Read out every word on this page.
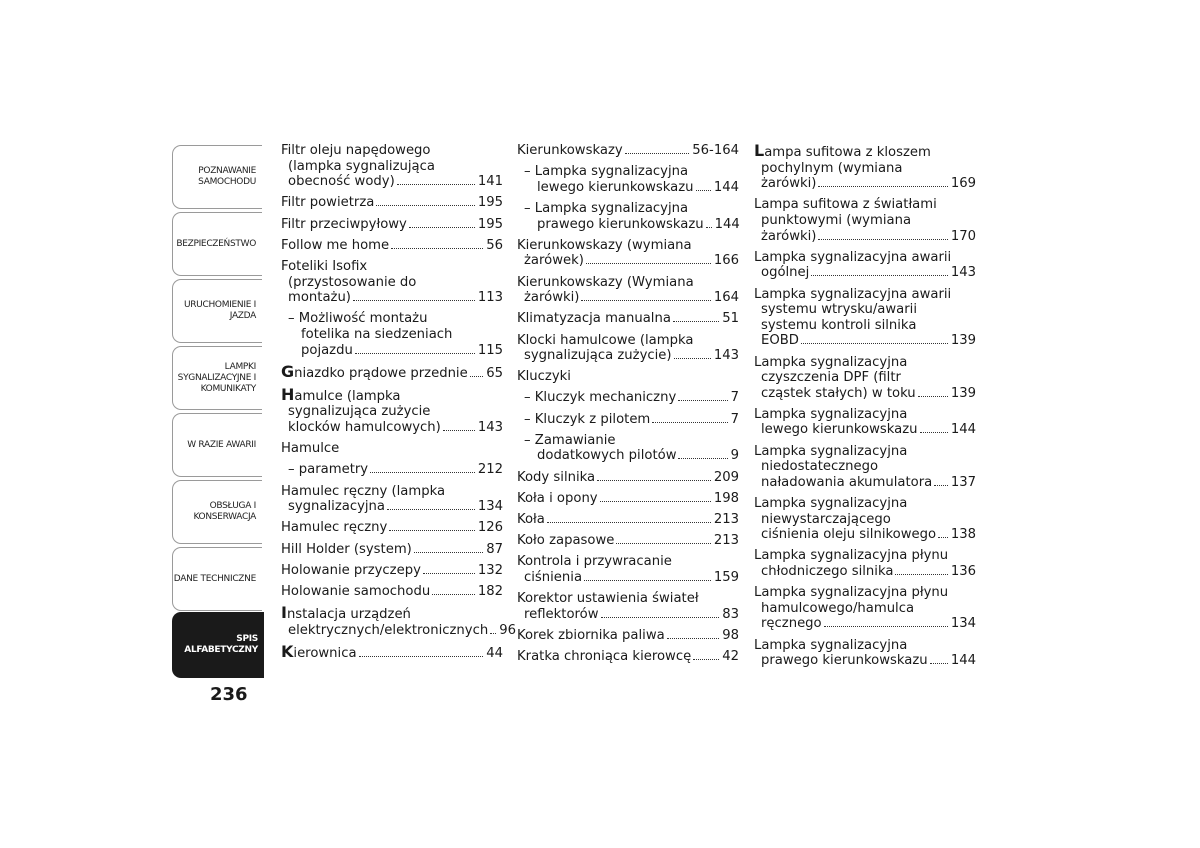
POZNAWANIE SAMOCHODU
BEZPIECZEŃSTWO
URUCHOMIENIE I JAZDA
LAMPKI SYGNALIZACYJNE I KOMUNIKATY
W RAZIE AWARII
OBSŁUGA I KONSERWACJA
DANE TECHNICZNE
SPIS ALFABETYCZNY
236
Filtr oleju napędowego
(lampka sygnalizująca
obecność wody)	141
Filtr powietrza	195
Filtr przeciwpyłowy	195
Follow me home	56
Foteliki Isofix
(przystosowanie do
montażu)	113
– Możliwość montażu
fotelika na siedzeniach
pojazdu	115
G niazdko prądowe przednie 65
H amulce (lampka
sygnalizująca zużycie
klocków hamulcowych)	143
Hamulce
– parametry	212
Hamulec ręczny (lampka
sygnalizacyjna	134
Hamulec ręczny	126
Hill Holder (system)	87
Holowanie przyczepy	132
Holowanie samochodu	182
I nstalacja urządzeń
elektrycznych/elektronicznych 96
K ierownica	44
Kierunkowskazy	56-164
– Lampka sygnalizacyjna
lewego kierunkowskazu 144
– Lampka sygnalizacyjna
prawego kierunkowskazu 144
Kierunkowskazy (wymiana
żarówek)	166
Kierunkowskazy (Wymiana
żarówki)	164
Klimatyzacja manualna	51
Klocki hamulcowe (lampka
sygnalizująca zużycie)	143
Kluczyki
– Kluczyk mechaniczny	7
– Kluczyk z pilotem	7
– Zamawianie
dodatkowych pilotów	9
Kody silnika	209
Koła i opony	198
Koła	213
Koło zapasowe	213
Kontrola i przywracanie
ciśnienia	159
Korektor ustawienia świateł
reflektorów	83
Korek zbiornika paliwa	98
Kratka chroniąca kierowcę 42
L ampa sufitowa z kloszem
pochylnym (wymiana
żarówki)	169
Lampa sufitowa z światłami
punktowymi (wymiana
żarówki)	170
Lampka sygnalizacyjna awarii
ogólnej	143
Lampka sygnalizacyjna awarii
systemu wtrysku/awarii
systemu kontroli silnika
EOBD	139
Lampka sygnalizacyjna
czyszczenia DPF (filtr
cząstek stałych) w toku	139
Lampka sygnalizacyjna
lewego kierunkowskazu	144
Lampka sygnalizacyjna
niedostatecznego
naładowania akumulatora 137
Lampka sygnalizacyjna
niewystarczającego
ciśnienia oleju silnikowego 138
Lampka sygnalizacyjna płynu
chłodniczego silnika	136
Lampka sygnalizacyjna płynu
hamulcowego/hamulca
ręcznego	134
Lampka sygnalizacyjna
prawego kierunkowskazu 144
